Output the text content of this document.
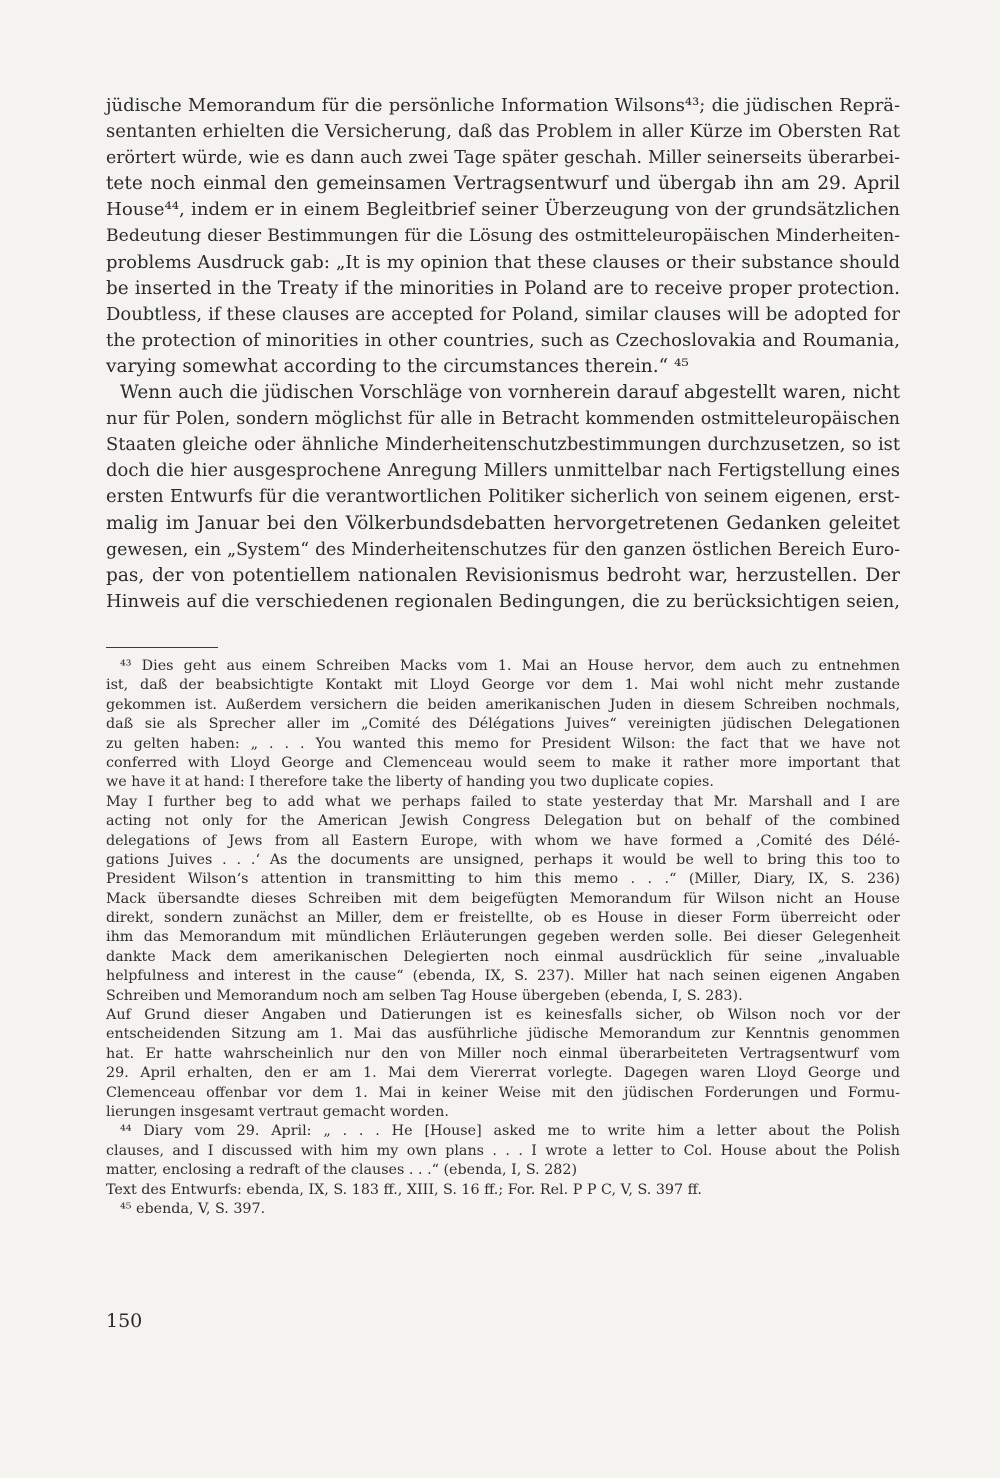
jüdische Memorandum für die persönliche Information Wilsons⁴³; die jüdischen Reprä-
sentanten erhielten die Versicherung, daß das Problem in aller Kürze im Obersten Rat
erörtert würde, wie es dann auch zwei Tage später geschah. Miller seinerseits überarbei-
tete noch einmal den gemeinsamen Vertragsentwurf und übergab ihn am 29. April
House⁴⁴, indem er in einem Begleitbrief seiner Überzeugung von der grundsätzlichen
Bedeutung dieser Bestimmungen für die Lösung des ostmitteleuropäischen Minderheiten-
problems Ausdruck gab: „It is my opinion that these clauses or their substance should
be inserted in the Treaty if the minorities in Poland are to receive proper protection.
Doubtless, if these clauses are accepted for Poland, similar clauses will be adopted for
the protection of minorities in other countries, such as Czechoslovakia and Roumania,
varying somewhat according to the circumstances therein.“ ⁴⁵
Wenn auch die jüdischen Vorschläge von vornherein darauf abgestellt waren, nicht
nur für Polen, sondern möglichst für alle in Betracht kommenden ostmitteleuropäischen
Staaten gleiche oder ähnliche Minderheitenschutzbestimmungen durchzusetzen, so ist
doch die hier ausgesprochene Anregung Millers unmittelbar nach Fertigstellung eines
ersten Entwurfs für die verantwortlichen Politiker sicherlich von seinem eigenen, erst-
malig im Januar bei den Völkerbundsdebatten hervorgetretenen Gedanken geleitet
gewesen, ein „System“ des Minderheitenschutzes für den ganzen östlichen Bereich Euro-
pas, der von potentiellem nationalen Revisionismus bedroht war, herzustellen. Der
Hinweis auf die verschiedenen regionalen Bedingungen, die zu berücksichtigen seien,
⁴³ Dies geht aus einem Schreiben Macks vom 1. Mai an House hervor, dem auch zu entnehmen
ist, daß der beabsichtigte Kontakt mit Lloyd George vor dem 1. Mai wohl nicht mehr zustande
gekommen ist. Außerdem versichern die beiden amerikanischen Juden in diesem Schreiben nochmals,
daß sie als Sprecher aller im „Comité des Délégations Juives“ vereinigten jüdischen Delegationen
zu gelten haben: „ . . . You wanted this memo for President Wilson: the fact that we have not
conferred with Lloyd George and Clemenceau would seem to make it rather more important that
we have it at hand: I therefore take the liberty of handing you two duplicate copies.
May I further beg to add what we perhaps failed to state yesterday that Mr. Marshall and I are
acting not only for the American Jewish Congress Delegation but on behalf of the combined
delegations of Jews from all Eastern Europe, with whom we have formed a ‚Comité des Délé-
gations Juives . . .‘ As the documents are unsigned, perhaps it would be well to bring this too to
President Wilson‘s attention in transmitting to him this memo . . .“ (Miller, Diary, IX, S. 236)
Mack übersandte dieses Schreiben mit dem beigefügten Memorandum für Wilson nicht an House
direkt, sondern zunächst an Miller, dem er freistellte, ob es House in dieser Form überreicht oder
ihm das Memorandum mit mündlichen Erläuterungen gegeben werden solle. Bei dieser Gelegenheit
dankte Mack dem amerikanischen Delegierten noch einmal ausdrücklich für seine „invaluable
helpfulness and interest in the cause“ (ebenda, IX, S. 237). Miller hat nach seinen eigenen Angaben
Schreiben und Memorandum noch am selben Tag House übergeben (ebenda, I, S. 283).
Auf Grund dieser Angaben und Datierungen ist es keinesfalls sicher, ob Wilson noch vor der
entscheidenden Sitzung am 1. Mai das ausführliche jüdische Memorandum zur Kenntnis genommen
hat. Er hatte wahrscheinlich nur den von Miller noch einmal überarbeiteten Vertragsentwurf vom
29. April erhalten, den er am 1. Mai dem Viererrat vorlegte. Dagegen waren Lloyd George und
Clemenceau offenbar vor dem 1. Mai in keiner Weise mit den jüdischen Forderungen und Formu-
lierungen insgesamt vertraut gemacht worden.
⁴⁴ Diary vom 29. April: „ . . . He [House] asked me to write him a letter about the Polish
clauses, and I discussed with him my own plans . . . I wrote a letter to Col. House about the Polish
matter, enclosing a redraft of the clauses . . .“ (ebenda, I, S. 282)
Text des Entwurfs: ebenda, IX, S. 183 ff., XIII, S. 16 ff.; For. Rel. P P C, V, S. 397 ff.
⁴⁵ ebenda, V, S. 397.
150
